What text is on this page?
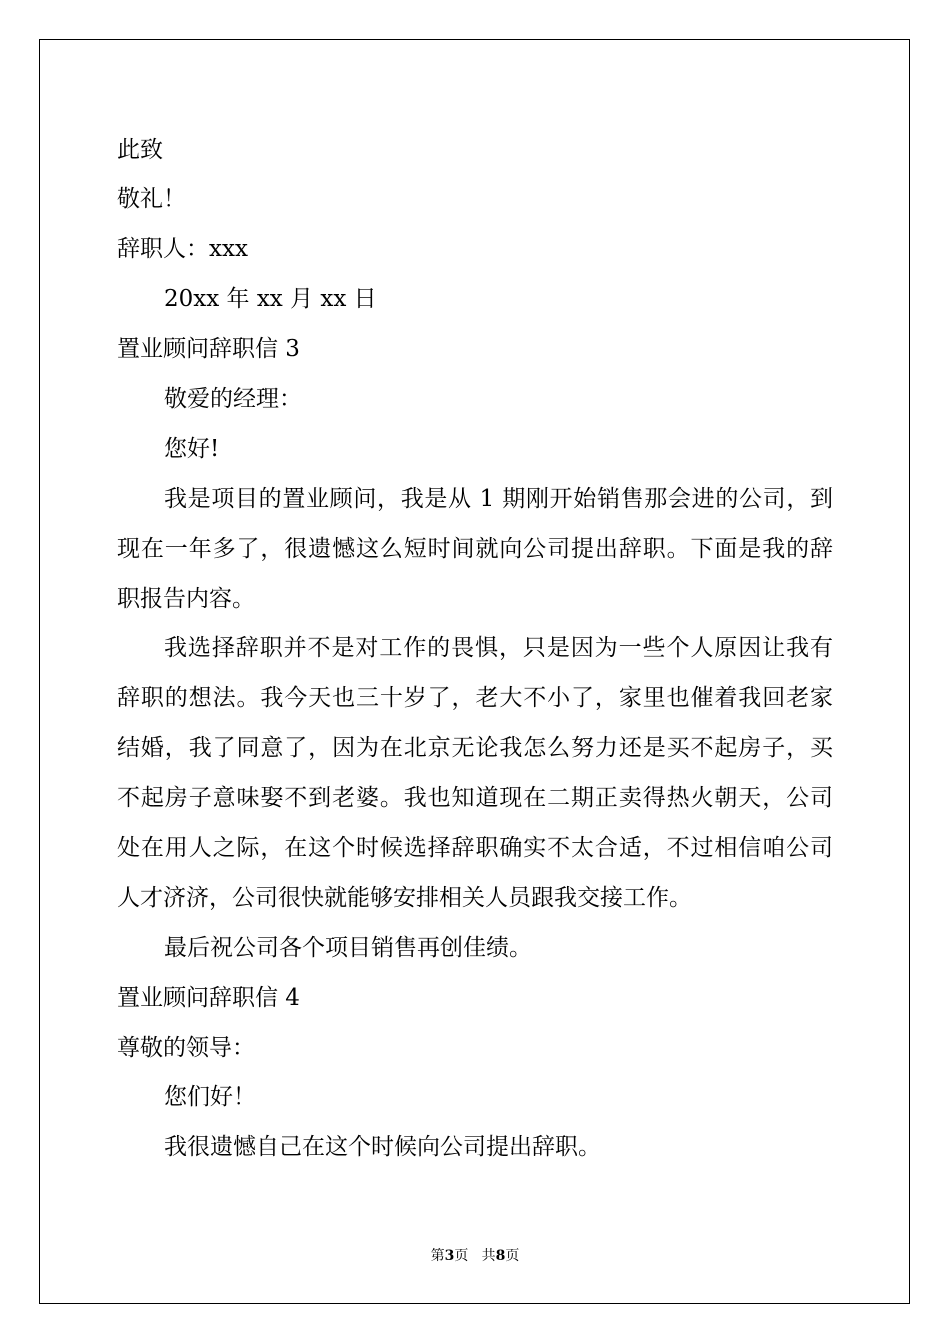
此致

敬礼！

辞职人：xxx

20xx 年 xx 月 xx 日

置业顾问辞职信 3

敬爱的经理：

您好!

我是项目的置业顾问，我是从 1 期刚开始销售那会进的公司，到

现在一年多了，很遗憾这么短时间就向公司提出辞职。下面是我的辞

职报告内容。

我选择辞职并不是对工作的畏惧，只是因为一些个人原因让我有

辞职的想法。我今天也三十岁了，老大不小了，家里也催着我回老家

结婚，我了同意了，因为在北京无论我怎么努力还是买不起房子，买

不起房子意味娶不到老婆。我也知道现在二期正卖得热火朝天，公司

处在用人之际，在这个时候选择辞职确实不太合适，不过相信咱公司

人才济济，公司很快就能够安排相关人员跟我交接工作。

最后祝公司各个项目销售再创佳绩。

置业顾问辞职信 4

尊敬的领导：

您们好！

我很遗憾自己在这个时候向公司提出辞职。

第3页   共8页
